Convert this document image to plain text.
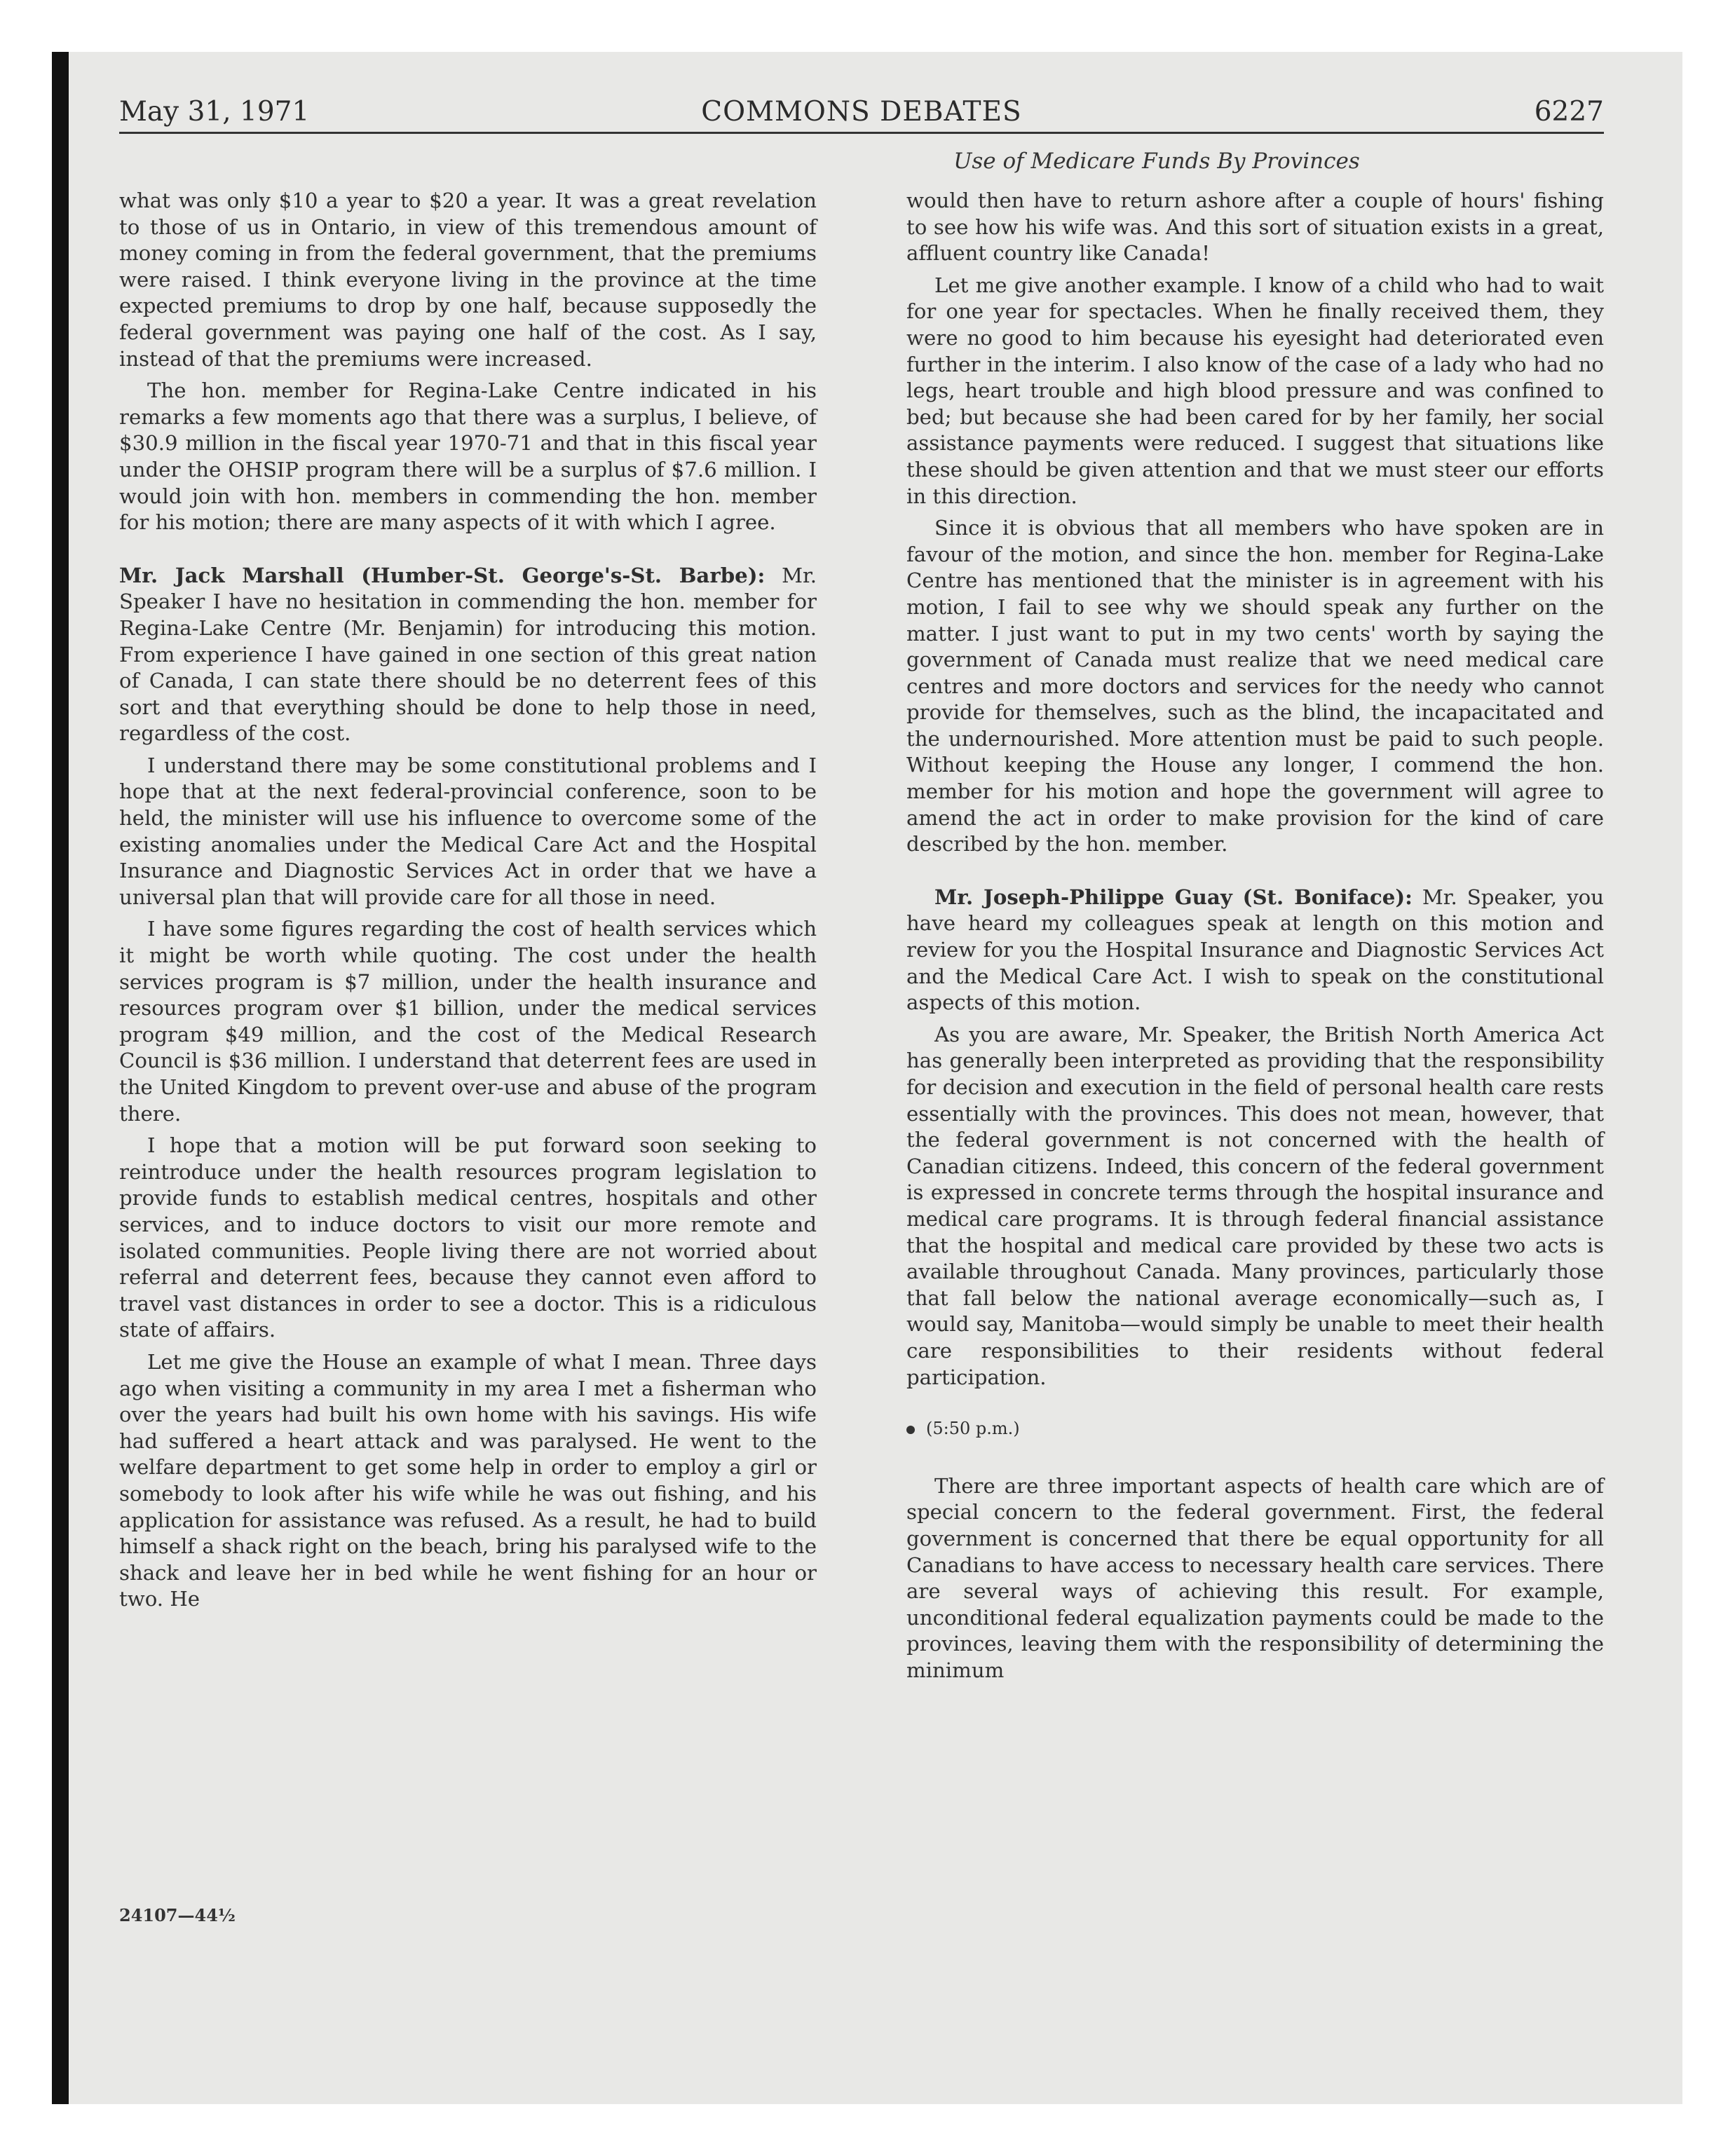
May 31, 1971	COMMONS DEBATES	6227
Use of Medicare Funds By Provinces

what was only $10 a year to $20 a year. It was a great revelation to those of us in Ontario, in view of this tremendous amount of money coming in from the federal government, that the premiums were raised. I think everyone living in the province at the time expected premiums to drop by one half, because supposedly the federal government was paying one half of the cost. As I say, instead of that the premiums were increased.

The hon. member for Regina-Lake Centre indicated in his remarks a few moments ago that there was a surplus, I believe, of $30.9 million in the fiscal year 1970-71 and that in this fiscal year under the OHSIP program there will be a surplus of $7.6 million. I would join with hon. members in commending the hon. member for his motion; there are many aspects of it with which I agree.

Mr. Jack Marshall (Humber-St. George's-St. Barbe): Mr. Speaker I have no hesitation in commending the hon. member for Regina-Lake Centre (Mr. Benjamin) for introducing this motion. From experience I have gained in one section of this great nation of Canada, I can state there should be no deterrent fees of this sort and that everything should be done to help those in need, regardless of the cost.

I understand there may be some constitutional problems and I hope that at the next federal-provincial conference, soon to be held, the minister will use his influence to overcome some of the existing anomalies under the Medical Care Act and the Hospital Insurance and Diagnostic Services Act in order that we have a universal plan that will provide care for all those in need.

I have some figures regarding the cost of health services which it might be worth while quoting. The cost under the health services program is $7 million, under the health insurance and resources program over $1 billion, under the medical services program $49 million, and the cost of the Medical Research Council is $36 million. I understand that deterrent fees are used in the United Kingdom to prevent over-use and abuse of the program there.

I hope that a motion will be put forward soon seeking to reintroduce under the health resources program legislation to provide funds to establish medical centres, hospitals and other services, and to induce doctors to visit our more remote and isolated communities. People living there are not worried about referral and deterrent fees, because they cannot even afford to travel vast distances in order to see a doctor. This is a ridiculous state of affairs.

Let me give the House an example of what I mean. Three days ago when visiting a community in my area I met a fisherman who over the years had built his own home with his savings. His wife had suffered a heart attack and was paralysed. He went to the welfare department to get some help in order to employ a girl or somebody to look after his wife while he was out fishing, and his application for assistance was refused. As a result, he had to build himself a shack right on the beach, bring his paralysed wife to the shack and leave her in bed while he went fishing for an hour or two. He

would then have to return ashore after a couple of hours' fishing to see how his wife was. And this sort of situation exists in a great, affluent country like Canada!

Let me give another example. I know of a child who had to wait for one year for spectacles. When he finally received them, they were no good to him because his eyesight had deteriorated even further in the interim. I also know of the case of a lady who had no legs, heart trouble and high blood pressure and was confined to bed; but because she had been cared for by her family, her social assistance payments were reduced. I suggest that situations like these should be given attention and that we must steer our efforts in this direction.

Since it is obvious that all members who have spoken are in favour of the motion, and since the hon. member for Regina-Lake Centre has mentioned that the minister is in agreement with his motion, I fail to see why we should speak any further on the matter. I just want to put in my two cents' worth by saying the government of Canada must realize that we need medical care centres and more doctors and services for the needy who cannot provide for themselves, such as the blind, the incapacitated and the undernourished. More attention must be paid to such people. Without keeping the House any longer, I commend the hon. member for his motion and hope the government will agree to amend the act in order to make provision for the kind of care described by the hon. member.

Mr. Joseph-Philippe Guay (St. Boniface): Mr. Speaker, you have heard my colleagues speak at length on this motion and review for you the Hospital Insurance and Diagnostic Services Act and the Medical Care Act. I wish to speak on the constitutional aspects of this motion.

As you are aware, Mr. Speaker, the British North America Act has generally been interpreted as providing that the responsibility for decision and execution in the field of personal health care rests essentially with the provinces. This does not mean, however, that the federal government is not concerned with the health of Canadian citizens. Indeed, this concern of the federal government is expressed in concrete terms through the hospital insurance and medical care programs. It is through federal financial assistance that the hospital and medical care provided by these two acts is available throughout Canada. Many provinces, particularly those that fall below the national average economically—such as, I would say, Manitoba—would simply be unable to meet their health care responsibilities to their residents without federal participation.

(5:50 p.m.)

There are three important aspects of health care which are of special concern to the federal government. First, the federal government is concerned that there be equal opportunity for all Canadians to have access to necessary health care services. There are several ways of achieving this result. For example, unconditional federal equalization payments could be made to the provinces, leaving them with the responsibility of determining the minimum

24107—44½
